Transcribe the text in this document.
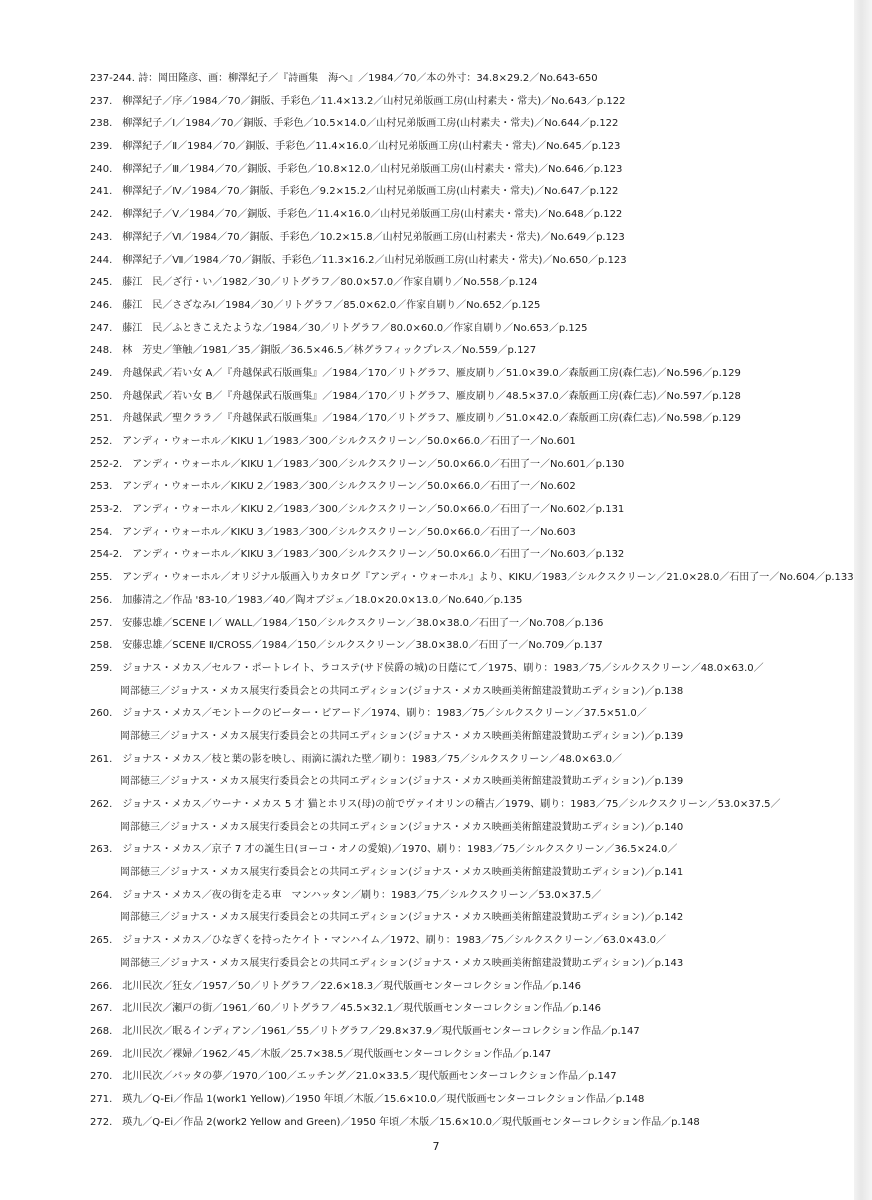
237-244. 詩：岡田隆彦、画：柳澤紀子／『詩画集　海へ』／1984／70／本の外寸：34.8×29.2／No.643-650
237.　柳澤紀子／序／1984／70／銅版、手彩色／11.4×13.2／山村兄弟版画工房(山村素夫・常夫)／No.643／p.122
238.　柳澤紀子／Ⅰ／1984／70／銅版、手彩色／10.5×14.0／山村兄弟版画工房(山村素夫・常夫)／No.644／p.122
239.　柳澤紀子／Ⅱ／1984／70／銅版、手彩色／11.4×16.0／山村兄弟版画工房(山村素夫・常夫)／No.645／p.123
240.　柳澤紀子／Ⅲ／1984／70／銅版、手彩色／10.8×12.0／山村兄弟版画工房(山村素夫・常夫)／No.646／p.123
241.　柳澤紀子／Ⅳ／1984／70／銅版、手彩色／9.2×15.2／山村兄弟版画工房(山村素夫・常夫)／No.647／p.122
242.　柳澤紀子／Ⅴ／1984／70／銅版、手彩色／11.4×16.0／山村兄弟版画工房(山村素夫・常夫)／No.648／p.122
243.　柳澤紀子／Ⅵ／1984／70／銅版、手彩色／10.2×15.8／山村兄弟版画工房(山村素夫・常夫)／No.649／p.123
244.　柳澤紀子／Ⅶ／1984／70／銅版、手彩色／11.3×16.2／山村兄弟版画工房(山村素夫・常夫)／No.650／p.123
245.　藤江　民／ざ行・い／1982／30／リトグラフ／80.0×57.0／作家自刷り／No.558／p.124
246.　藤江　民／さざなみⅠ／1984／30／リトグラフ／85.0×62.0／作家自刷り／No.652／p.125
247.　藤江　民／ふときこえたような／1984／30／リトグラフ／80.0×60.0／作家自刷り／No.653／p.125
248.　林　芳史／筆触／1981／35／銅版／36.5×46.5／林グラフィックプレス／No.559／p.127
249.　舟越保武／若い女 A／『舟越保武石版画集』／1984／170／リトグラフ、雁皮刷り／51.0×39.0／森版画工房(森仁志)／No.596／p.129
250.　舟越保武／若い女 B／『舟越保武石版画集』／1984／170／リトグラフ、雁皮刷り／48.5×37.0／森版画工房(森仁志)／No.597／p.128
251.　舟越保武／聖クララ／『舟越保武石版画集』／1984／170／リトグラフ、雁皮刷り／51.0×42.0／森版画工房(森仁志)／No.598／p.129
252.　アンディ・ウォーホル／KIKU 1／1983／300／シルクスクリーン／50.0×66.0／石田了一／No.601
252-2.　アンディ・ウォーホル／KIKU 1／1983／300／シルクスクリーン／50.0×66.0／石田了一／No.601／p.130
253.　アンディ・ウォーホル／KIKU 2／1983／300／シルクスクリーン／50.0×66.0／石田了一／No.602
253-2.　アンディ・ウォーホル／KIKU 2／1983／300／シルクスクリーン／50.0×66.0／石田了一／No.602／p.131
254.　アンディ・ウォーホル／KIKU 3／1983／300／シルクスクリーン／50.0×66.0／石田了一／No.603
254-2.　アンディ・ウォーホル／KIKU 3／1983／300／シルクスクリーン／50.0×66.0／石田了一／No.603／p.132
255.　アンディ・ウォーホル／オリジナル版画入りカタログ『アンディ・ウォーホル』より、KIKU／1983／シルクスクリーン／21.0×28.0／石田了一／No.604／p.133
256.　加藤清之／作品 '83-10／1983／40／陶オブジェ／18.0×20.0×13.0／No.640／p.135
257.　安藤忠雄／SCENE Ⅰ／ WALL／1984／150／シルクスクリーン／38.0×38.0／石田了一／No.708／p.136
258.　安藤忠雄／SCENE Ⅱ/CROSS／1984／150／シルクスクリーン／38.0×38.0／石田了一／No.709／p.137
259.　ジョナス・メカス／セルフ・ポートレイト、ラコステ(サド侯爵の城)の日蔭にて／1975、刷り：1983／75／シルクスクリーン／48.0×63.0／
　　　岡部徳三／ジョナス・メカス展実行委員会との共同エディション(ジョナス・メカス映画美術館建設賛助エディション)／p.138
260.　ジョナス・メカス／モントークのピーター・ビアード／1974、刷り：1983／75／シルクスクリーン／37.5×51.0／
　　　岡部徳三／ジョナス・メカス展実行委員会との共同エディション(ジョナス・メカス映画美術館建設賛助エディション)／p.139
261.　ジョナス・メカス／枝と葉の影を映し、雨滴に濡れた壁／刷り：1983／75／シルクスクリーン／48.0×63.0／
　　　岡部徳三／ジョナス・メカス展実行委員会との共同エディション(ジョナス・メカス映画美術館建設賛助エディション)／p.139
262.　ジョナス・メカス／ウーナ・メカス 5 才 猫とホリス(母)の前でヴァイオリンの稽古／1979、刷り：1983／75／シルクスクリーン／53.0×37.5／
　　　岡部徳三／ジョナス・メカス展実行委員会との共同エディション(ジョナス・メカス映画美術館建設賛助エディション)／p.140
263.　ジョナス・メカス／京子 7 才の誕生日(ヨーコ・オノの愛娘)／1970、刷り：1983／75／シルクスクリーン／36.5×24.0／
　　　岡部徳三／ジョナス・メカス展実行委員会との共同エディション(ジョナス・メカス映画美術館建設賛助エディション)／p.141
264.　ジョナス・メカス／夜の街を走る車　マンハッタン／刷り：1983／75／シルクスクリーン／53.0×37.5／
　　　岡部徳三／ジョナス・メカス展実行委員会との共同エディション(ジョナス・メカス映画美術館建設賛助エディション)／p.142
265.　ジョナス・メカス／ひなぎくを持ったケイト・マンハイム／1972、刷り：1983／75／シルクスクリーン／63.0×43.0／
　　　岡部徳三／ジョナス・メカス展実行委員会との共同エディション(ジョナス・メカス映画美術館建設賛助エディション)／p.143
266.　北川民次／狂女／1957／50／リトグラフ／22.6×18.3／現代版画センターコレクション作品／p.146
267.　北川民次／瀬戸の街／1961／60／リトグラフ／45.5×32.1／現代版画センターコレクション作品／p.146
268.　北川民次／眠るインディアン／1961／55／リトグラフ／29.8×37.9／現代版画センターコレクション作品／p.147
269.　北川民次／裸婦／1962／45／木版／25.7×38.5／現代版画センターコレクション作品／p.147
270.　北川民次／バッタの夢／1970／100／エッチング／21.0×33.5／現代版画センターコレクション作品／p.147
271.　瑛九／Q-Ei／作品 1(work1 Yellow)／1950 年頃／木版／15.6×10.0／現代版画センターコレクション作品／p.148
272.　瑛九／Q-Ei／作品 2(work2 Yellow and Green)／1950 年頃／木版／15.6×10.0／現代版画センターコレクション作品／p.148
7
